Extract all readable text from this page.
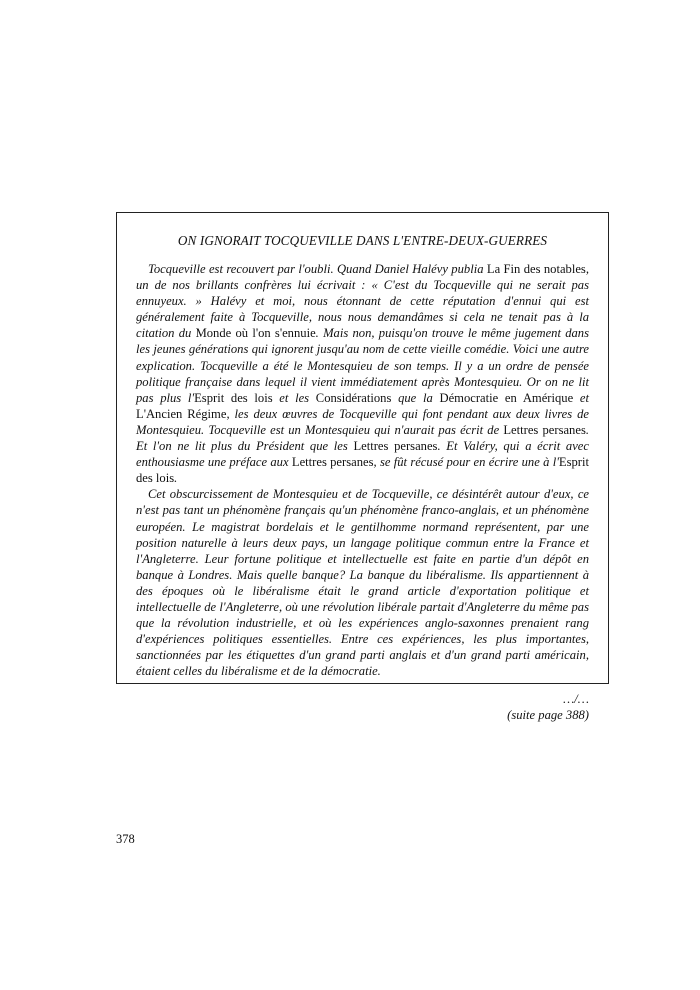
ON IGNORAIT TOCQUEVILLE DANS L'ENTRE-DEUX-GUERRES

Tocqueville est recouvert par l'oubli. Quand Daniel Halévy publia La Fin des notables, un de nos brillants confrères lui écrivait : « C'est du Tocqueville qui ne serait pas ennuyeux. » Halévy et moi, nous étonnant de cette réputation d'ennui qui est généralement faite à Tocqueville, nous nous demandâmes si cela ne tenait pas à la citation du Monde où l'on s'ennuie. Mais non, puisqu'on trouve le même jugement dans les jeunes générations qui ignorent jusqu'au nom de cette vieille comédie. Voici une autre explication. Tocqueville a été le Montesquieu de son temps. Il y a un ordre de pensée politique française dans lequel il vient immédiatement après Montesquieu. Or on ne lit pas plus l'Esprit des lois et les Considérations que la Démocratie en Amérique et L'Ancien Régime, les deux œuvres de Tocqueville qui font pendant aux deux livres de Montesquieu. Tocqueville est un Montesquieu qui n'aurait pas écrit de Lettres persanes. Et l'on ne lit plus du Président que les Lettres persanes. Et Valéry, qui a écrit avec enthousiasme une préface aux Lettres persanes, se fût récusé pour en écrire une à l'Esprit des lois.

Cet obscurcissement de Montesquieu et de Tocqueville, ce désintérêt autour d'eux, ce n'est pas tant un phénomène français qu'un phénomène franco-anglais, et un phénomène européen. Le magistrat bordelais et le gentilhomme normand représentent, par une position naturelle à leurs deux pays, un langage politique commun entre la France et l'Angleterre. Leur fortune politique et intellectuelle est faite en partie d'un dépôt en banque à Londres. Mais quelle banque? La banque du libéralisme. Ils appartiennent à des époques où le libéralisme était le grand article d'exportation politique et intellectuelle de l'Angleterre, où une révolution libérale partait d'Angleterre du même pas que la révolution industrielle, et où les expériences anglo-saxonnes prenaient rang d'expériences politiques essentielles. Entre ces expériences, les plus importantes, sanctionnées par les étiquettes d'un grand parti anglais et d'un grand parti américain, étaient celles du libéralisme et de la démocratie.

…/…
(suite page 388)
378
